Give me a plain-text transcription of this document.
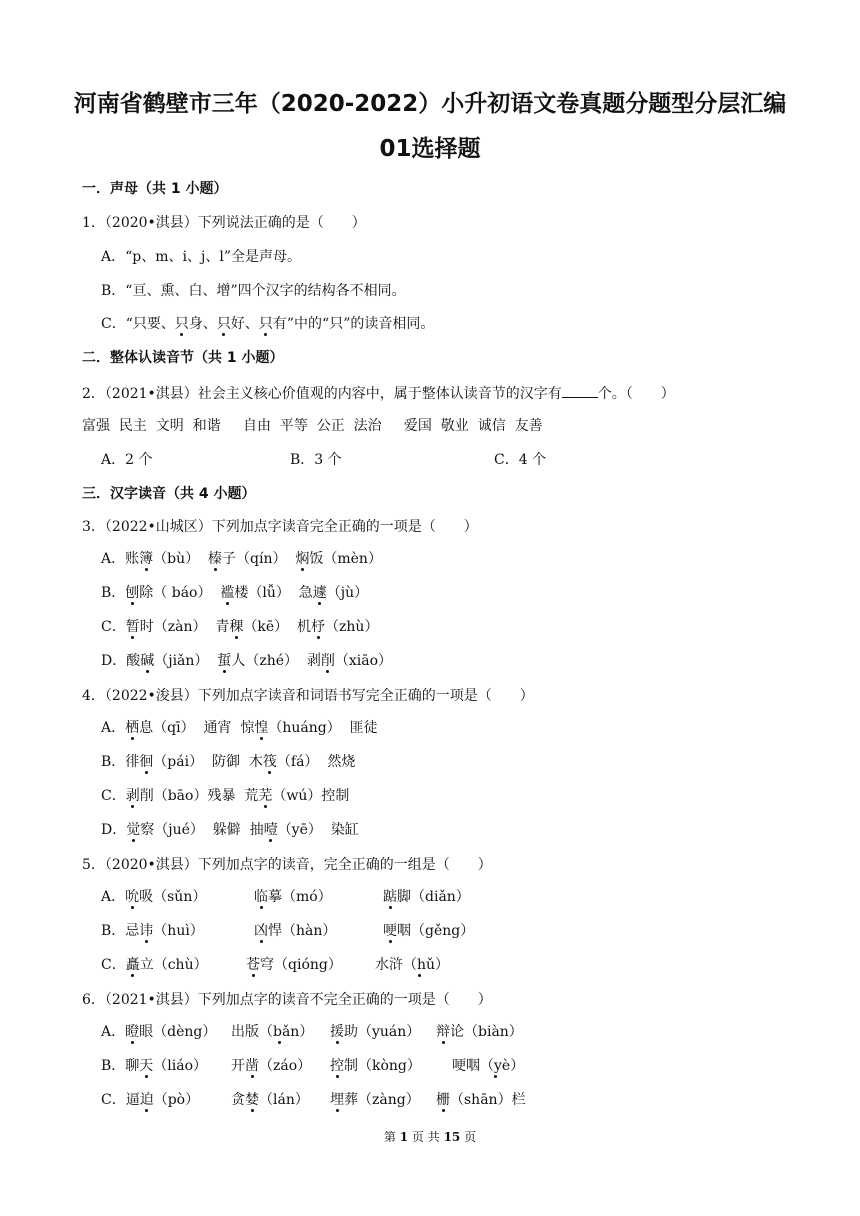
河南省鹤壁市三年（2020-2022）小升初语文卷真题分题型分层汇编
01选择题
一．声母（共 1 小题）
1．（2020•淇县）下列说法正确的是（　　）
A．“p、m、i、j、l”全是声母。
B．“亘、熏、白、增”四个汉字的结构各不相同。
C．“只要、只身、只好、只有”中的“只”的读音相同。
二．整体认读音节（共 1 小题）
2．（2021•淇县）社会主义核心价值观的内容中，属于整体认读音节的汉字有	个。（　　）
富强  民主  文明  和谐     自由  平等  公正  法治     爱国  敬业  诚信  友善
A．2 个	B．3 个	C．4 个
三．汉字读音（共 4 小题）
3．（2022•山城区）下列加点字读音完全正确的一项是（　　）
A．账簿（bù）  榛子（qín）  焖饭（mèn）
B．刨除（ báo）  褴楼（lǚ）  急遽（jù）
C．暂时（zàn）  青稞（kē）  机杼（zhù）
D．酸碱（jiǎn）  蜇人（zhé）  剥削（xiāo）
4．（2022•浚县）下列加点字读音和词语书写完全正确的一项是（　　）
A．栖息（qī）  通宵  惊惶（huáng）  匪徒
B．徘徊（pái）  防御  木筏（fá）  然烧
C．剥削（bāo）残暴  荒芜（wú）控制
D．觉察（jué）  躲僻  抽噎（yē）  染缸
5．（2020•淇县）下列加点字的读音，完全正确的一组是（　　）
A．吮吸（sǔn）	临摹（mó）	踮脚（diǎn）
B．忌讳（huì）	凶悍（hàn）	哽咽（gěng）
C．矗立（chù）	苍穹（qióng） 水浒（hǔ）
6．（2021•淇县）下列加点字的读音不完全正确的一项是（　　）
A．瞪眼（dèng） 出版（bǎn） 援助（yuán） 辩论（biàn）
B．聊天（liáo） 开凿（záo） 控制（kòng） 哽咽（yè）
C．逼迫（pò） 贪婪（lán） 埋葬（zàng） 栅（shān）栏
第 1 页 共 15 页
